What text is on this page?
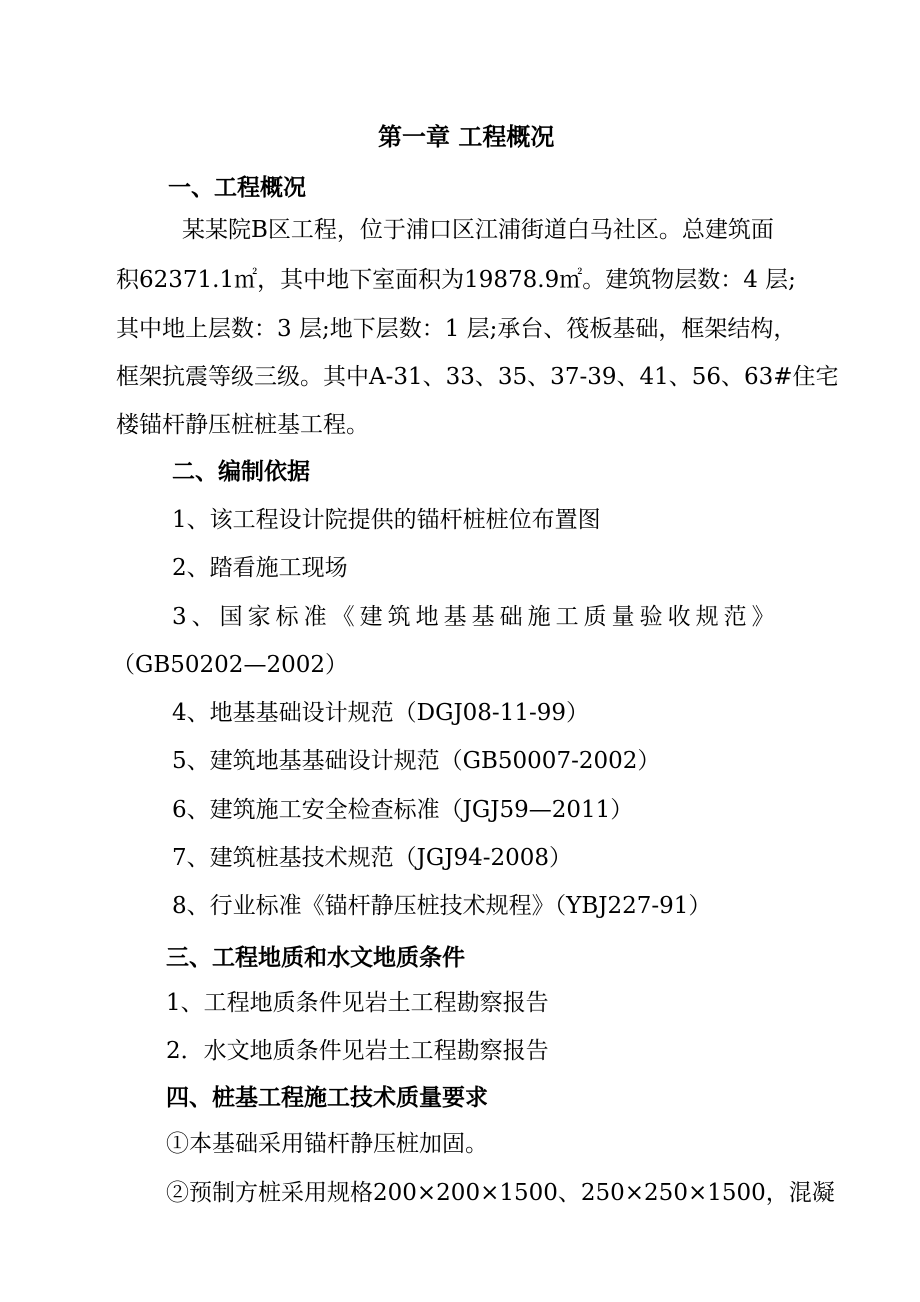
第一章 工程概况
一、工程概况
某某院B区工程，位于浦口区江浦街道白马社区。总建筑面
积62371.1㎡，其中地下室面积为19878.9㎡。建筑物层数：4 层;
其中地上层数：3 层;地下层数：1 层;承台、筏板基础，框架结构，
框架抗震等级三级。其中A-31、33、35、37-39、41、56、63#住宅
楼锚杆静压桩桩基工程。
二、编制依据
1、该工程设计院提供的锚杆桩桩位布置图
2、踏看施工现场
3、国家标准《建筑地基基础施工质量验收规范》
（GB50202—2002）
4、地基基础设计规范（DGJ08-11-99）
5、建筑地基基础设计规范（GB50007-2002）
6、建筑施工安全检查标准（JGJ59—2011）
7、建筑桩基技术规范（JGJ94-2008）
8、行业标准《锚杆静压桩技术规程》（YBJ227-91）
三、工程地质和水文地质条件
1、工程地质条件见岩土工程勘察报告
2．水文地质条件见岩土工程勘察报告
四、桩基工程施工技术质量要求
①本基础采用锚杆静压桩加固。
②预制方桩采用规格200×200×1500、250×250×1500，混凝
